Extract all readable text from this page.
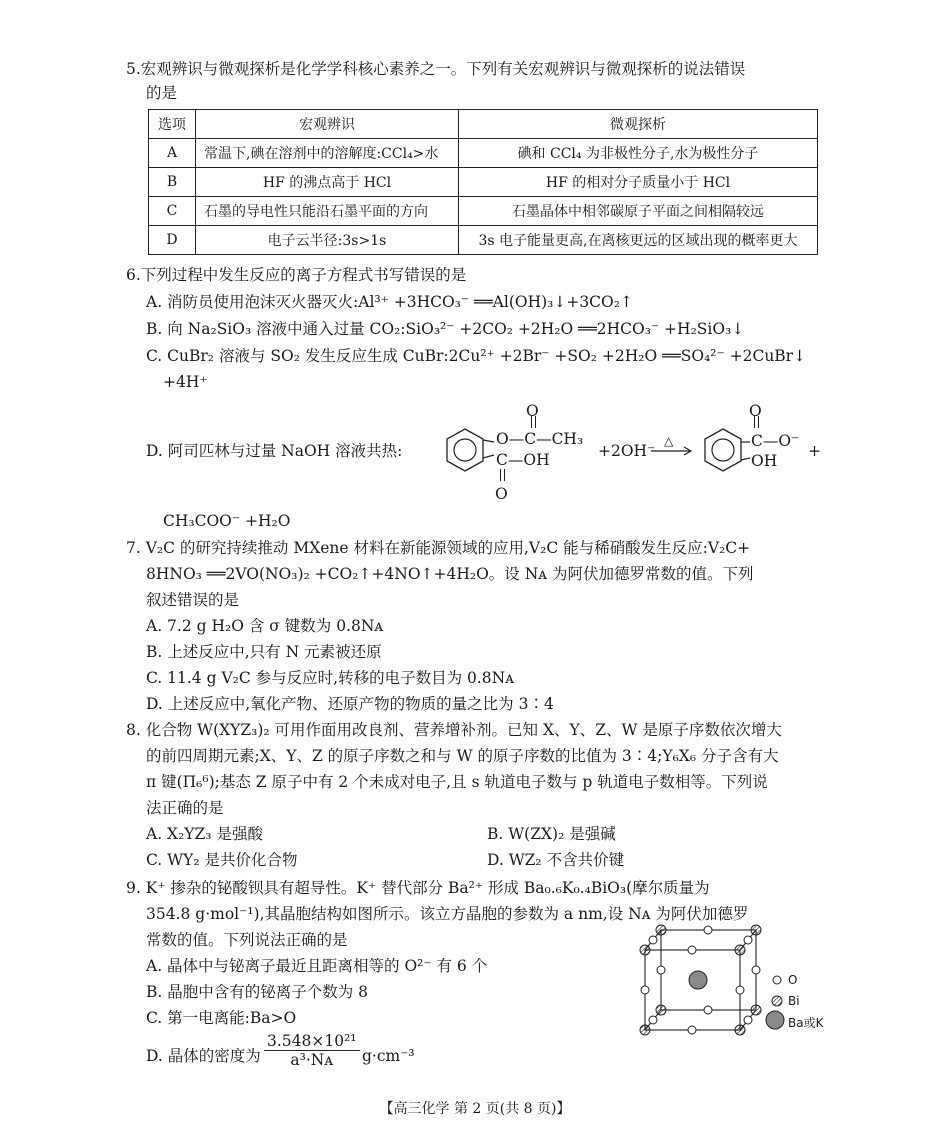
5.宏观辨识与微观探析是化学学科核心素养之一。下列有关宏观辨识与微观探析的说法错误
的是
选项	宏观辨识	微观探析
A	常温下,碘在溶剂中的溶解度:CCl₄>水	碘和 CCl₄ 为非极性分子,水为极性分子
B	HF 的沸点高于 HCl	HF 的相对分子质量小于 HCl
C	石墨的导电性只能沿石墨平面的方向	石墨晶体中相邻碳原子平面之间相隔较远
D	电子云半径:3s>1s	3s 电子能量更高,在离核更远的区域出现的概率更大
6.下列过程中发生反应的离子方程式书写错误的是
A. 消防员使用泡沫灭火器灭火:Al³⁺ +3HCO₃⁻ ══Al(OH)₃↓+3CO₂↑
B. 向 Na₂SiO₃ 溶液中通入过量 CO₂:SiO₃²⁻ +2CO₂ +2H₂O ══2HCO₃⁻ +H₂SiO₃↓
C. CuBr₂ 溶液与 SO₂ 发生反应生成 CuBr:2Cu²⁺ +2Br⁻ +SO₂ +2H₂O ══SO₄²⁻ +2CuBr↓
+4H⁺
D. 阿司匹林与过量 NaOH 溶液共热:
O
O—C—CH₃
C—OH
O
+2OH⁻
△
O
C—O⁻
OH
+
CH₃COO⁻ +H₂O
7. V₂C 的研究持续推动 MXene 材料在新能源领域的应用,V₂C 能与稀硝酸发生反应:V₂C+
8HNO₃ ══2VO(NO₃)₂ +CO₂↑+4NO↑+4H₂O。设 Nᴀ 为阿伏加德罗常数的值。下列
叙述错误的是
A. 7.2 g H₂O 含 σ 键数为 0.8Nᴀ
B. 上述反应中,只有 N 元素被还原
C. 11.4 g V₂C 参与反应时,转移的电子数目为 0.8Nᴀ
D. 上述反应中,氧化产物、还原产物的物质的量之比为 3∶4
8. 化合物 W(XYZ₃)₂ 可用作面用改良剂、营养增补剂。已知 X、Y、Z、W 是原子序数依次增大
的前四周期元素;X、Y、Z 的原子序数之和与 W 的原子序数的比值为 3∶4;Y₆X₆ 分子含有大
π 键(Π₆⁶);基态 Z 原子中有 2 个未成对电子,且 s 轨道电子数与 p 轨道电子数相等。下列说
法正确的是
A. X₂YZ₃ 是强酸	B. W(ZX)₂ 是强碱
C. WY₂ 是共价化合物	D. WZ₂ 不含共价键
9. K⁺ 掺杂的铋酸钡具有超导性。K⁺ 替代部分 Ba²⁺ 形成 Ba₀.₆K₀.₄BiO₃(摩尔质量为
354.8 g·mol⁻¹),其晶胞结构如图所示。该立方晶胞的参数为 a nm,设 Nᴀ 为阿伏加德罗
常数的值。下列说法正确的是
A. 晶体中与铋离子最近且距离相等的 O²⁻ 有 6 个
B. 晶胞中含有的铋离子个数为 8
C. 第一电离能:Ba>O
D. 晶体的密度为 $\frac{\text{3.548×10²¹}}{\text{a³·Nᴀ}} g\cdot cm^{-3}$
O
Bi
Ba或K
【高三化学 第 2 页(共 8 页)】
